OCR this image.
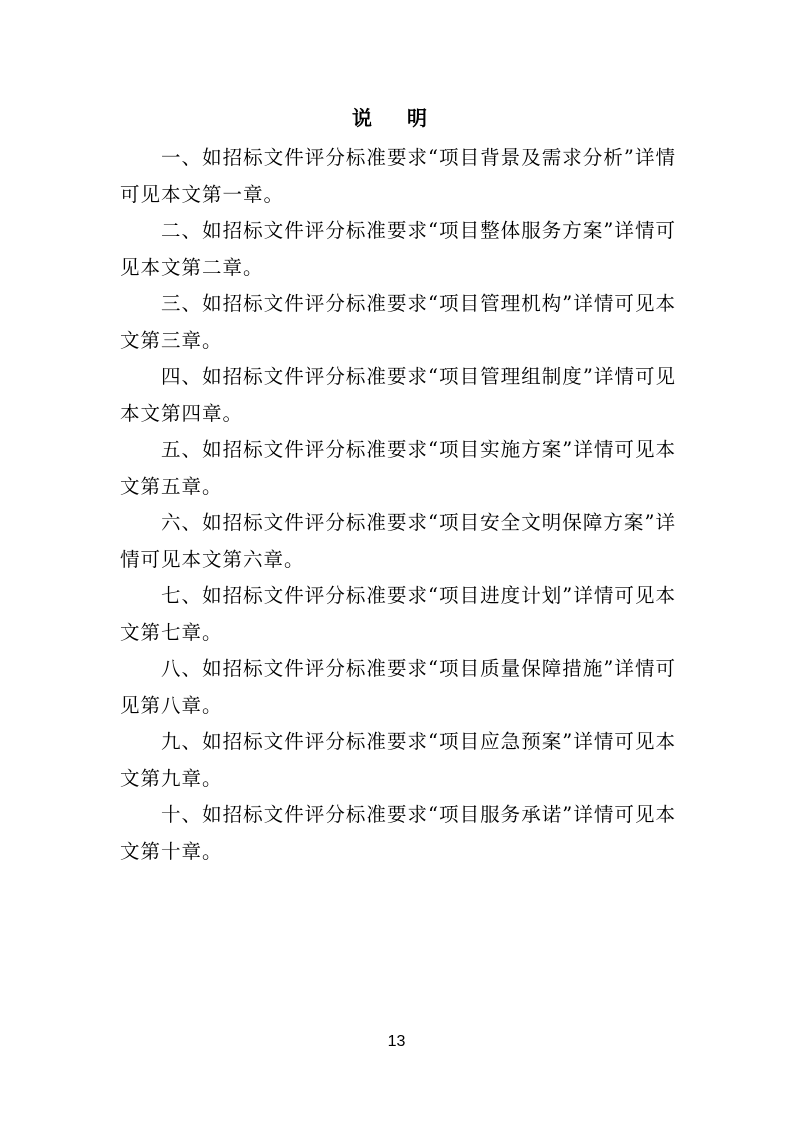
说 明

一、如招标文件评分标准要求“项目背景及需求分析”详情可见本文第一章。

二、如招标文件评分标准要求“项目整体服务方案”详情可见本文第二章。

三、如招标文件评分标准要求“项目管理机构”详情可见本文第三章。

四、如招标文件评分标准要求“项目管理组制度”详情可见本文第四章。

五、如招标文件评分标准要求“项目实施方案”详情可见本文第五章。

六、如招标文件评分标准要求“项目安全文明保障方案”详情可见本文第六章。

七、如招标文件评分标准要求“项目进度计划”详情可见本文第七章。

八、如招标文件评分标准要求“项目质量保障措施”详情可见第八章。

九、如招标文件评分标准要求“项目应急预案”详情可见本文第九章。

十、如招标文件评分标准要求“项目服务承诺”详情可见本文第十章。

13
